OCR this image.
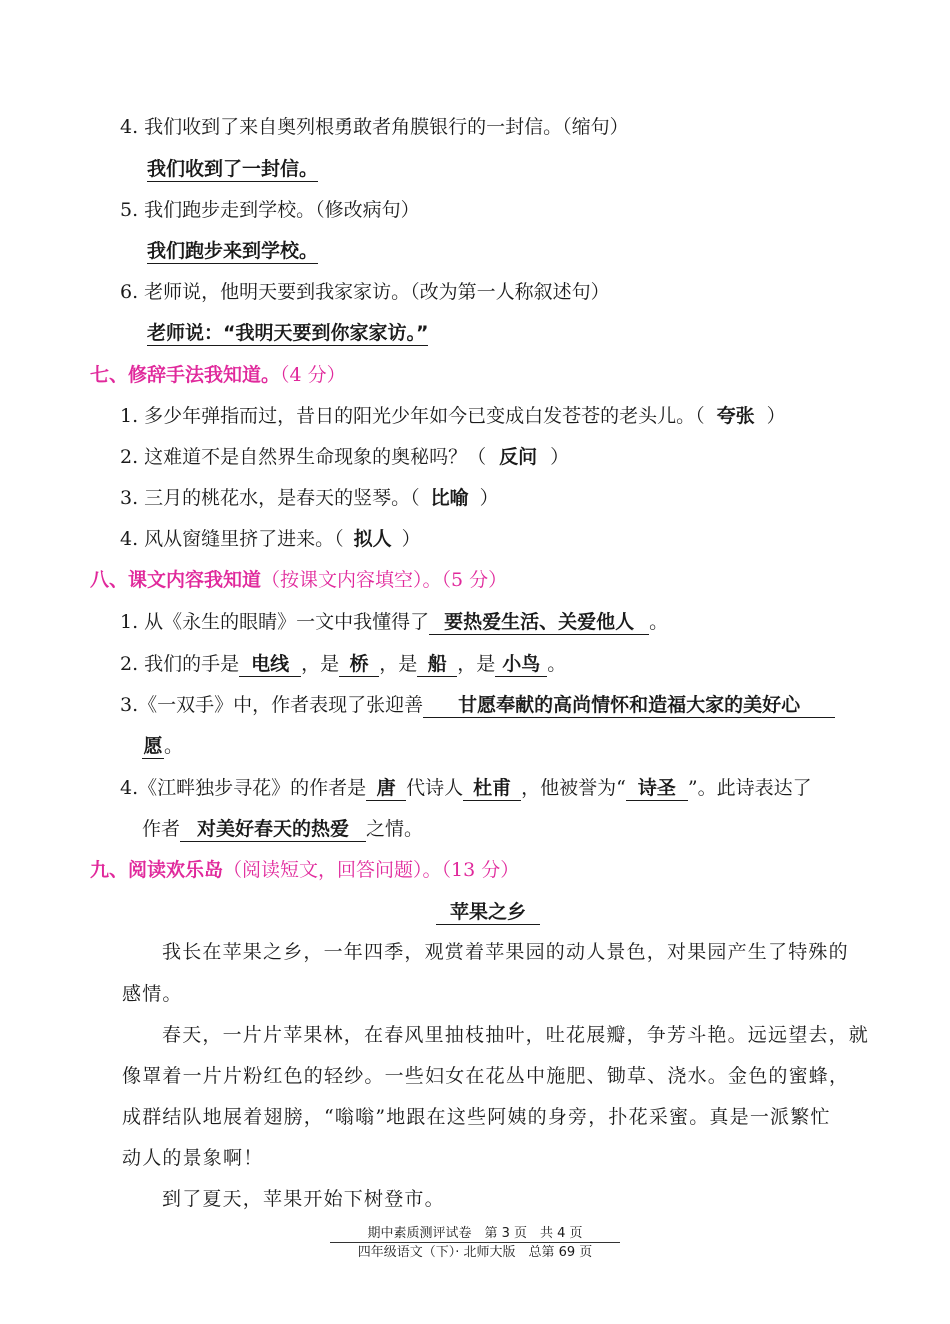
4. 我们收到了来自奥列根勇敢者角膜银行的一封信。（缩句）
我们收到了一封信。
5. 我们跑步走到学校。（修改病句）
我们跑步来到学校。
6. 老师说，他明天要到我家家访。（改为第一人称叙述句）
老师说：“我明天要到你家家访。”
七、修辞手法我知道。（4 分）
1. 多少年弹指而过，昔日的阳光少年如今已变成白发苍苍的老头儿。（ 夸张 ）
2. 这难道不是自然界生命现象的奥秘吗？（ 反问 ）
3. 三月的桃花水，是春天的竖琴。（ 比喻 ）
4. 风从窗缝里挤了进来。（ 拟人 ）
八、课文内容我知道（按课文内容填空）。（5 分）
1. 从《永生的眼睛》一文中我懂得了 要热爱生活、关爱他人 。
2. 我们的手是 电线 ，是 桥 ，是 船 ，是 小鸟 。
3.《一双手》中，作者表现了张迎善 甘愿奉献的高尚情怀和造福大家的美好心
愿。
4.《江畔独步寻花》的作者是 唐 代诗人 杜甫 ，他被誉为“ 诗圣 ”。此诗表达了
作者 对美好春天的热爱 之情。
九、阅读欢乐岛（阅读短文，回答问题）。（13 分）
苹果之乡
我长在苹果之乡，一年四季，观赏着苹果园的动人景色，对果园产生了特殊的
感情。
春天，一片片苹果林，在春风里抽枝抽叶，吐花展瓣，争芳斗艳。远远望去，就
像罩着一片片粉红色的轻纱。一些妇女在花丛中施肥、锄草、浇水。金色的蜜蜂，
成群结队地展着翅膀，“嗡嗡”地跟在这些阿姨的身旁，扑花采蜜。真是一派繁忙
动人的景象啊！
到了夏天，苹果开始下树登市。
期中素质测评试卷　第 3 页　共 4 页
四年级语文（下）· 北师大版　总第 69 页
